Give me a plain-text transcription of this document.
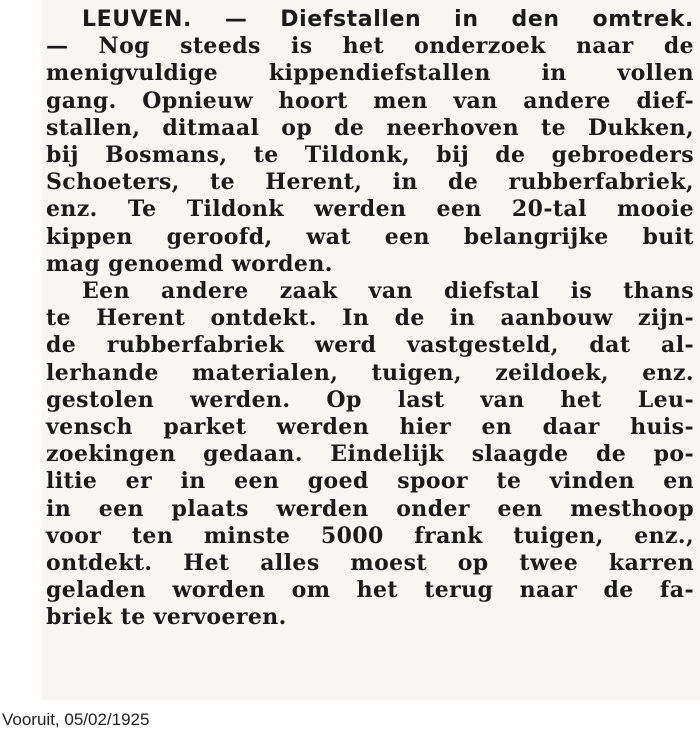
LEUVEN. — Diefstallen in den omtrek.
— Nog steeds is het onderzoek naar de
menigvuldige kippendiefstallen in vollen
gang. Opnieuw hoort men van andere dief-
stallen, ditmaal op de neerhoven te Dukken,
bij Bosmans, te Tildonk, bij de gebroeders
Schoeters, te Herent, in de rubberfabriek,
enz. Te Tildonk werden een 20-tal mooie
kippen geroofd, wat een belangrijke buit
mag genoemd worden.
Een andere zaak van diefstal is thans
te Herent ontdekt. In de in aanbouw zijn-
de rubberfabriek werd vastgesteld, dat al-
lerhande materialen, tuigen, zeildoek, enz.
gestolen werden. Op last van het Leu-
vensch parket werden hier en daar huis-
zoekingen gedaan. Eindelijk slaagde de po-
litie er in een goed spoor te vinden en
in een plaats werden onder een mesthoop
voor ten minste 5000 frank tuigen, enz.,
ontdekt. Het alles moest op twee karren
geladen worden om het terug naar de fa-
briek te vervoeren.
Vooruit, 05/02/1925
